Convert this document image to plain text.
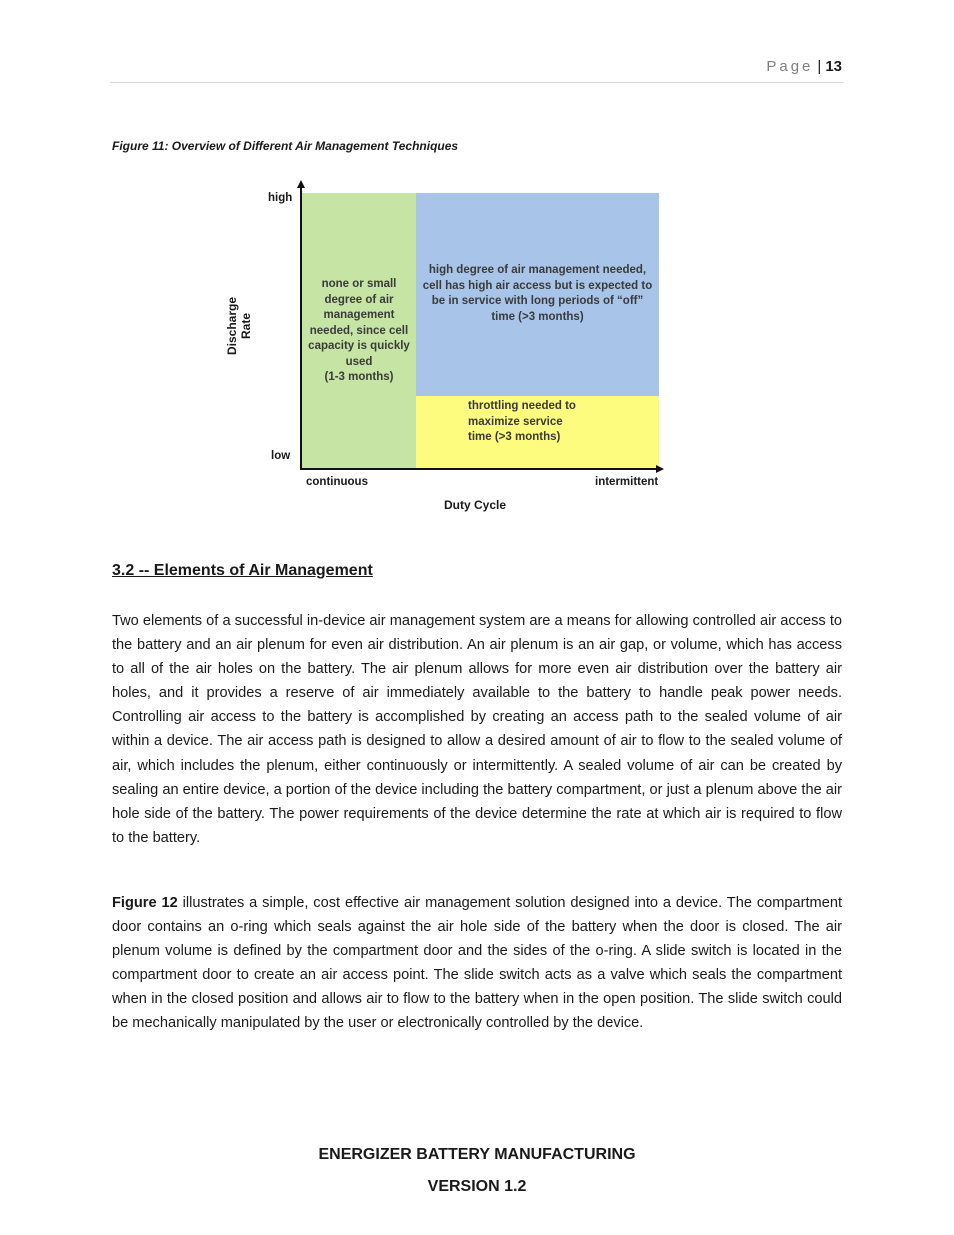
Page | 13
Figure 11: Overview of Different Air Management Techniques
none or small
degree of air
management
needed, since cell
capacity is quickly
used
(1-3 months)
high degree of air management needed,
cell has high air access but is expected to
be in service with long periods of “off”
time (>3 months)
throttling needed to
maximize service
time (>3 months)
high
low
continuous	intermittent
Discharge Rate
Duty Cycle
3.2 -- Elements of Air Management
Two elements of a successful in-device air management system are a means for allowing controlled air access to the battery and an air plenum for even air distribution. An air plenum is an air gap, or volume, which has access to all of the air holes on the battery. The air plenum allows for more even air distribution over the battery air holes, and it provides a reserve of air immediately available to the battery to handle peak power needs. Controlling air access to the battery is accomplished by creating an access path to the sealed volume of air within a device. The air access path is designed to allow a desired amount of air to flow to the sealed volume of air, which includes the plenum, either continuously or intermittently. A sealed volume of air can be created by sealing an entire device, a portion of the device including the battery compartment, or just a plenum above the air hole side of the battery. The power requirements of the device determine the rate at which air is required to flow to the battery.
Figure 12 illustrates a simple, cost effective air management solution designed into a device. The compartment door contains an o-ring which seals against the air hole side of the battery when the door is closed. The air plenum volume is defined by the compartment door and the sides of the o-ring. A slide switch is located in the compartment door to create an air access point. The slide switch acts as a valve which seals the compartment when in the closed position and allows air to flow to the battery when in the open position. The slide switch could be mechanically manipulated by the user or electronically controlled by the device.
ENERGIZER BATTERY MANUFACTURING
VERSION 1.2
